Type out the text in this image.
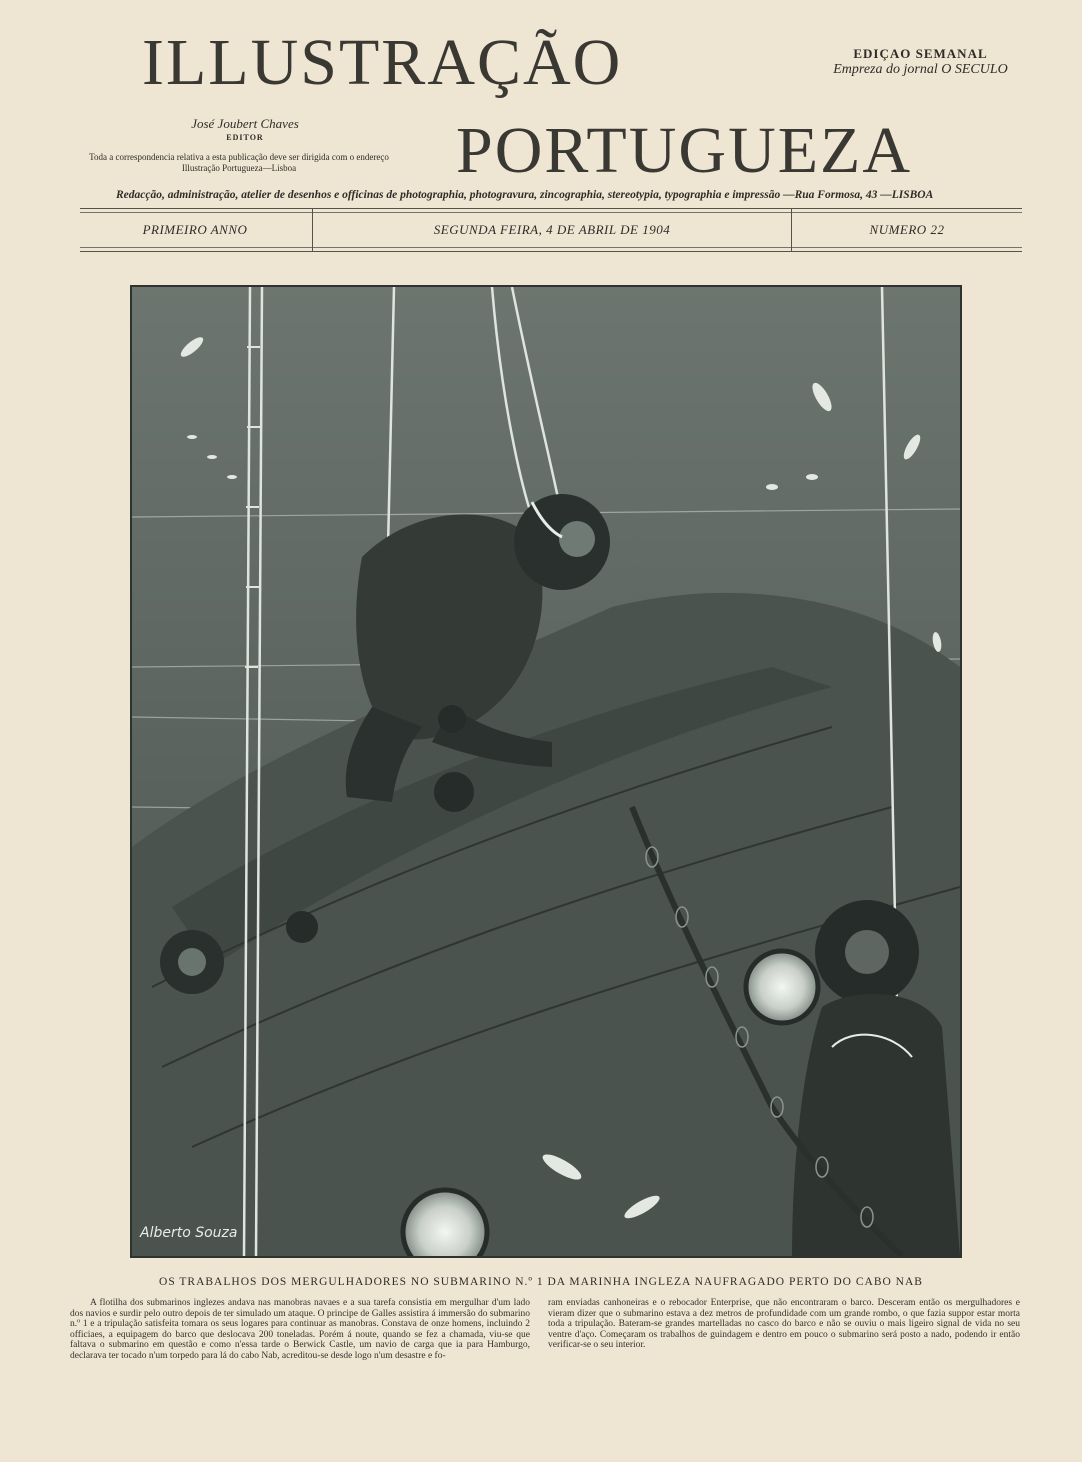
ILLUSTRAÇÃO
PORTUGUEZA
EDIÇAO SEMANAL
Empreza do jornal O SECULO
José Joubert Chaves
EDITOR
Toda a correspondencia relativa a esta publicação deve ser dirigida com o endereço Illustração Portugueza—Lisboa
Redacção, administração, atelier de desenhos e officinas de photographia, photogravura, zincographia, stereotypia, typographia e impressão —Rua Formosa, 43 —LISBOA
PRIMEIRO ANNO	SEGUNDA FEIRA, 4 DE ABRIL DE 1904	NUMERO 22
Alberto Souza
OS TRABALHOS DOS MERGULHADORES NO SUBMARINO N.º 1 DA MARINHA INGLEZA NAUFRAGADO PERTO DO CABO NAB
A flotilha dos submarinos inglezes andava nas manobras navaes e a sua tarefa consistia em mergulhar d'um lado dos navios e surdir pelo outro depois de ter simulado um ataque. O principe de Galles assistira á immersão do submarino n.º 1 e a tripulação satisfeita tomara os seus logares para continuar as manobras. Constava de onze homens, incluindo 2 officiaes, a equipagem do barco que deslocava 200 toneladas. Porém á noute, quando se fez a chamada, viu-se que faltava o submarino em questão e como n'essa tarde o Berwick Castle, um navio de carga que ia para Hamburgo, declarava ter tocado n'um torpedo para lá do cabo Nab, acreditou-se desde logo n'um desastre e fo-
ram enviadas canhoneiras e o rebocador Enterprise, que não encontraram o barco. Desceram então os mergulhadores e vieram dizer que o submarino estava a dez metros de profundidade com um grande rombo, o que fazia suppor estar morta toda a tripulação. Bateram-se grandes martelladas no casco do barco e não se ouviu o mais ligeiro signal de vida no seu ventre d'aço. Começaram os trabalhos de guindagem e dentro em pouco o submarino será posto a nado, podendo ir então verificar-se o seu interior.
